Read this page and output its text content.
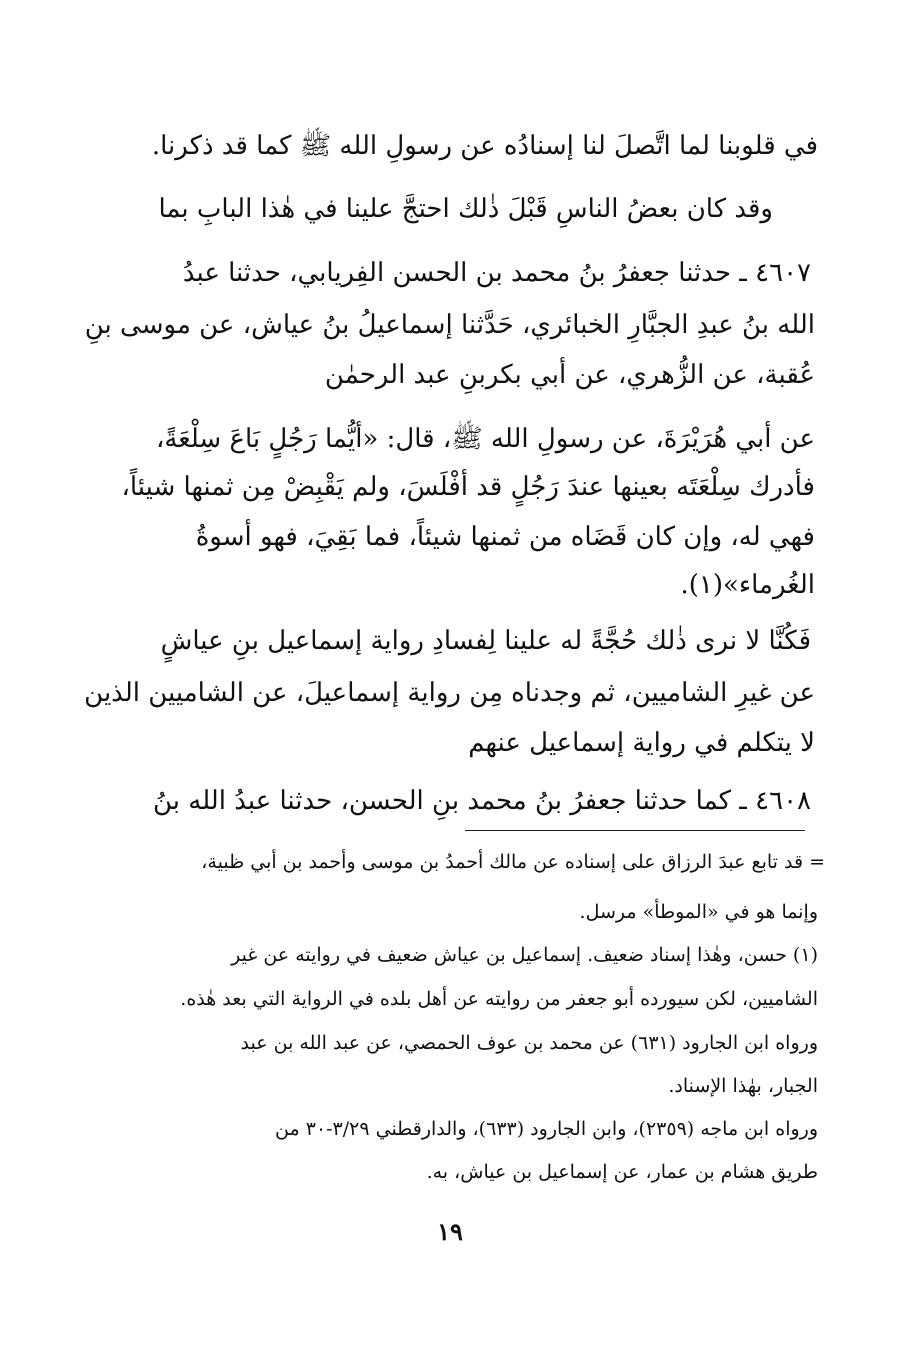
في قلوبنا لما اتَّصلَ لنا إسنادُه عن رسولِ الله ﷺ كما قد ذكرنا.
وقد كان بعضُ الناسِ قَبْلَ ذٰلك احتجَّ علينا في هٰذا البابِ بما
٤٦٠٧ ـ حدثنا جعفرُ بنُ محمد بن الحسن الفِريابي، حدثنا عبدُ
الله بنُ عبدِ الجبَّارِ الخبائري، حَدَّثنا إسماعيلُ بنُ عياش، عن موسى بنِ
عُقبة، عن الزُّهري، عن أبي بكربنِ عبد الرحمٰن
عن أبي هُرَيْرَةَ، عن رسولِ الله ﷺ، قال: «أيُّما رَجُلٍ بَاعَ سِلْعَةً،
فأدرك سِلْعَتَه بعينها عندَ رَجُلٍ قد أفْلَسَ، ولم يَقْبِضْ مِن ثمنها شيئاً،
فهي له، وإن كان قَضَاه من ثمنها شيئاً، فما بَقِيَ، فهو أسوةُ
الغُرماء»(١).
فَكُنَّا لا نرى ذٰلك حُجَّةً له علينا لِفسادِ رواية إسماعيل بنِ عياشٍ
عن غيرِ الشاميين، ثم وجدناه مِن رواية إسماعيلَ، عن الشاميين الذين
لا يتكلم في رواية إسماعيل عنهم
٤٦٠٨ ـ كما حدثنا جعفرُ بنُ محمد بنِ الحسن، حدثنا عبدُ الله بنُ
= قد تابع عبدَ الرزاق على إسناده عن مالك أحمدُ بن موسى وأحمد بن أبي ظبية،
وإنما هو في «الموطأ» مرسل.
(١) حسن، وهٰذا إسناد ضعيف. إسماعيل بن عياش ضعيف في روايته عن غير
الشاميين، لكن سيورده أبو جعفر من روايته عن أهل بلده في الرواية التي بعد هٰذه.
ورواه ابن الجارود (٦٣١) عن محمد بن عوف الحمصي، عن عبد الله بن عبد
الجبار، بهٰذا الإسناد.
ورواه ابن ماجه (٢٣٥٩)، وابن الجارود (٦٣٣)، والدارقطني ٣/٢٩-٣٠ من
طريق هشام بن عمار، عن إسماعيل بن عياش، به.
١٩
